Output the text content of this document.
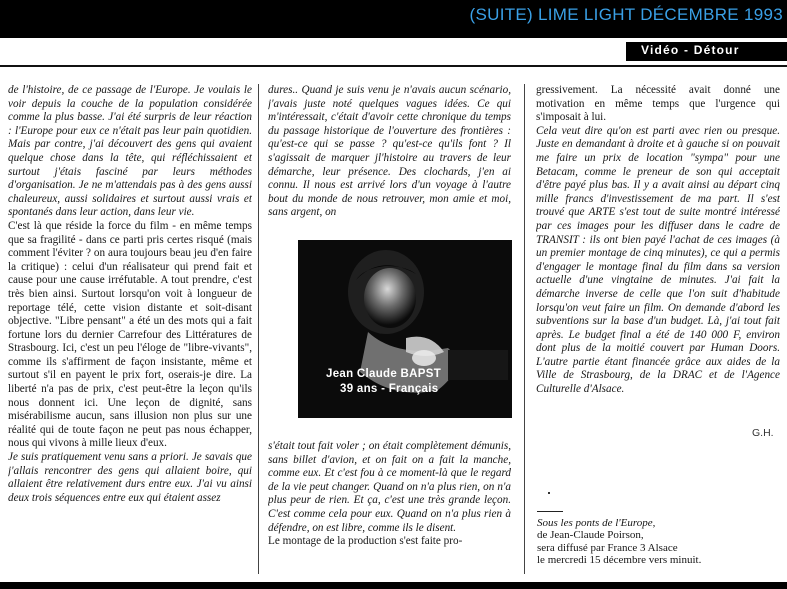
(SUITE) LIME LIGHT DÉCEMBRE 1993
Vidéo - Détour

de l'histoire, de ce passage de l'Europe. Je voulais le voir depuis la couche de la population considérée comme la plus basse. J'ai été surpris de leur réaction : l'Europe pour eux ce n'était pas leur pain quotidien. Mais par contre, j'ai découvert des gens qui avaient quelque chose dans la tête, qui réfléchissaient et surtout j'étais fasciné par leurs méthodes d'organisation. Je ne m'attendais pas à des gens aussi chaleureux, aussi solidaires et surtout aussi vrais et spontanés dans leur action, dans leur vie.

C'est là que réside la force du film - en même temps que sa fragilité - dans ce parti pris certes risqué (mais comment l'éviter ? on aura toujours beau jeu d'en faire la critique) : celui d'un réalisateur qui prend fait et cause pour une cause irréfutable. A tout prendre, c'est très bien ainsi. Surtout lorsqu'on voit à longueur de reportage télé, cette vision distante et soit-disant objective. "Libre pensant" a été un des mots qui a fait fortune lors du dernier Carrefour des Littératures de Strasbourg. Ici, c'est un peu l'éloge de "libre-vivants", comme ils s'affirment de façon insistante, même et surtout s'il en payent le prix fort, oserais-je dire. La liberté n'a pas de prix, c'est peut-être la leçon qu'ils nous donnent ici. Une leçon de dignité, sans misérabilisme aucun, sans illusion non plus sur une réalité qui de toute façon ne peut pas nous échapper, nous qui vivons à mille lieux d'eux.

Je suis pratiquement venu sans a priori. Je savais que j'allais rencontrer des gens qui allaient boire, qui allaient être relativement durs entre eux. J'ai vu ainsi deux trois séquences entre eux qui étaient assez

dures.. Quand je suis venu je n'avais aucun scénario, j'avais juste noté quelques vagues idées. Ce qui m'intéressait, c'était d'avoir cette chronique du temps du passage historique de l'ouverture des frontières : qu'est-ce qui se passe ? qu'est-ce qu'ils font ? Il s'agissait de marquer jl'histoire au travers de leur démarche, leur présence. Des clochards, j'en ai connu. Il nous est arrivé lors d'un voyage à l'autre bout du monde de nous retrouver, mon amie et moi, sans argent, on

Jean Claude BAPST
39 ans - Français

s'était tout fait voler ; on était complètement démunis, sans billet d'avion, et on fait on a fait la manche, comme eux. Et c'est fou à ce moment-là que le regard de la vie peut changer. Quand on n'a plus rien, on n'a plus peur de rien. Et ça, c'est une très grande leçon. C'est comme cela pour eux. Quand on n'a plus rien à défendre, on est libre, comme ils le disent.

Le montage de la production s'est faite pro-

gressivement. La nécessité avait donné une motivation en même temps que l'urgence qui s'imposait à lui.

Cela veut dire qu'on est parti avec rien ou presque. Juste en demandant à droite et à gauche si on pouvait me faire un prix de location "sympa" pour une Betacam, comme le preneur de son qui acceptait d'être payé plus bas. Il y a avait ainsi au départ cinq mille francs d'investissement de ma part. Il s'est trouvé que ARTE s'est tout de suite montré intéressé par ces images pour les diffuser dans le cadre de TRANSIT : ils ont bien payé l'achat de ces images (à un premier montage de cinq minutes), ce qui a permis d'engager le montage final du film dans sa version actuelle d'une vingtaine de minutes. J'ai fait la démarche inverse de celle que l'on suit d'habitude lorsqu'on veut faire un film. On demande d'abord les subventions sur la base d'un budget. Là, j'ai tout fait après. Le budget final a été de 140 000 F, environ dont plus de la moitié couvert par Human Doors. L'autre partie étant financée grâce aux aides de la Ville de Strasbourg, de la DRAC et de l'Agence Culturelle d'Alsace.

G.H.
Sous les ponts de l'Europe,
de Jean-Claude Poirson,
sera diffusé par France 3 Alsace
le mercredi 15 décembre vers minuit.
